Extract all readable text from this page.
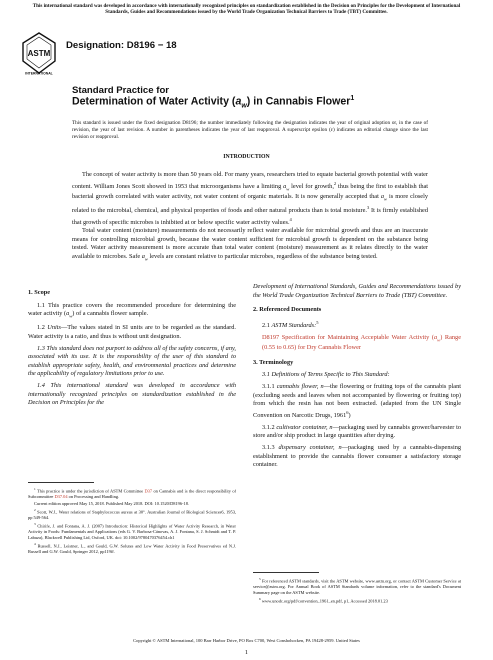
This international standard was developed in accordance with internationally recognized principles on standardization established in the Decision on Principles for the Development of International Standards, Guides and Recommendations issued by the World Trade Organization Technical Barriers to Trade (TBT) Committee.
ASTM
INTERNATIONAL
Designation: D8196 − 18
Standard Practice for
Determination of Water Activity $(a_w)$ in Cannabis Flower$^1$
This standard is issued under the fixed designation D8196; the number immediately following the designation indicates the year of original adoption or, in the case of revision, the year of last revision. A number in parentheses indicates the year of last reapproval. A superscript epsilon (ε) indicates an editorial change since the last revision or reapproval.
INTRODUCTION

The concept of water activity is more than 50 years old. For many years, researchers tried to equate bacterial growth potential with water content. William Jones Scott showed in 1953 that microorganisms have a limiting $a_w$ level for growth,$^2$ thus being the first to establish that bacterial growth correlated with water activity, not water content of organic materials. It is now generally accepted that $a_w$ is more closely related to the microbial, chemical, and physical properties of foods and other natural products than is total moisture.$^3$ It is firmly established that growth of specific microbes is inhibited at or below specific water activity values.$^4$

Total water content (moisture) measurements do not necessarily reflect water available for microbial growth and thus are an inaccurate means for controlling microbial growth, because the water content sufficient for microbial growth is dependent on the substance being tested. Water activity measurement is more accurate than total water content (moisture) measurement as it relates directly to the water available to microbes. Safe $a_w$ levels are constant relative to particular microbes, regardless of the substance being tested.

1. Scope

1.1 This practice covers the recommended procedure for determining the water activity $(a_w)$ of a cannabis flower sample.

1.2 Units—The values stated in SI units are to be regarded as the standard. Water activity is a ratio, and thus is without unit designation.

1.3 This standard does not purport to address all of the safety concerns, if any, associated with its use. It is the responsibility of the user of this standard to establish appropriate safety, health, and environmental practices and determine the applicability of regulatory limitations prior to use.

1.4 This international standard was developed in accordance with internationally recognized principles on standardization established in the Decision on Principles for the

$^1$ This practice is under the jurisdiction of ASTM Committee D37 on Cannabis and is the direct responsibility of Subcommittee D37.04 on Processing and Handling.

Current edition approved May 15, 2018. Published May 2018. DOI: 10.1520/D8196-18.

$^2$ Scott, W.J., Water relations of Staphylococcus aureus at 30°. Australian Journal of Biological Sciences6, 1953, pp 549-564.

$^3$ Chirife, J. and Fontana, A. J. (2007) Introduction: Historical Highlights of Water Activity Research, in Water Activity in Foods: Fundamentals and Applications (eds G. V. Barbosa-Cánovas, A. J. Fontana, S. J. Schmidt and T. P. Labuza), Blackwell Publishing Ltd, Oxford, UK. doi: 10.1002/9780470376454.ch1

$^4$ Russell, N.J., Leistner, L., and Gould, G.W. Solutes and Low Water Activity in Food Preservatives ed N.J. Russell and G.W. Gould, Springer 2012, pp119ff.

Development of International Standards, Guides and Recommendations issued by the World Trade Organization Technical Barriers to Trade (TBT) Committee.

2. Referenced Documents

2.1 ASTM Standards:$^5$

D8197 Specification for Maintaining Acceptable Water Activity $(a_w)$ Range (0.55 to 0.65) for Dry Cannabis Flower

3. Terminology

3.1 Definitions of Terms Specific to This Standard:

3.1.1 cannabis flower, n—the flowering or fruiting tops of the cannabis plant (excluding seeds and leaves when not accompanied by flowering or fruiting top) from which the resin has not been extracted. (adapted from the UN Single Convention on Narcotic Drugs, 1961$^6$)

3.1.2 cultivator container, n—packaging used by cannabis grower/harvester to store and/or ship product in large quantities after drying.

3.1.3 dispensary container, n—packaging used by a cannabis-dispensing establishment to provide the cannabis flower consumer a satisfactory storage container.

$^5$ For referenced ASTM standards, visit the ASTM website, www.astm.org, or contact ASTM Customer Service at service@astm.org. For Annual Book of ASTM Standards volume information, refer to the standard's Document Summary page on the ASTM website.

$^6$ www.unodc.org/pdf/convention_1961_en.pdf, p1, Accessed 2018.01.23

Copyright © ASTM International, 100 Barr Harbor Drive, PO Box C700, West Conshohocken, PA 19428-2959. United States
1
